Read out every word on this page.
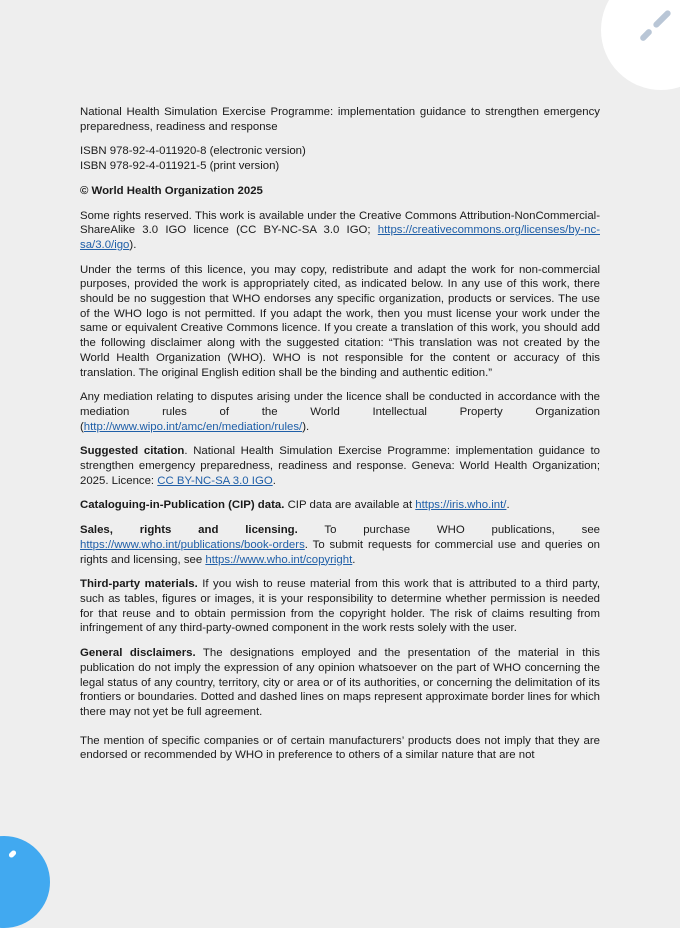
National Health Simulation Exercise Programme: implementation guidance to strengthen emergency preparedness, readiness and response

ISBN 978-92-4-011920-8 (electronic version)

ISBN 978-92-4-011921-5 (print version)

© World Health Organization 2025

Some rights reserved. This work is available under the Creative Commons Attribution-NonCommercial-ShareAlike 3.0 IGO licence (CC BY-NC-SA 3.0 IGO; https://creativecommons.org/licenses/by-nc-sa/3.0/igo).

Under the terms of this licence, you may copy, redistribute and adapt the work for non-commercial purposes, provided the work is appropriately cited, as indicated below. In any use of this work, there should be no suggestion that WHO endorses any specific organization, products or services. The use of the WHO logo is not permitted. If you adapt the work, then you must license your work under the same or equivalent Creative Commons licence. If you create a translation of this work, you should add the following disclaimer along with the suggested citation: “This translation was not created by the World Health Organization (WHO). WHO is not responsible for the content or accuracy of this translation. The original English edition shall be the binding and authentic edition.”

Any mediation relating to disputes arising under the licence shall be conducted in accordance with the mediation rules of the World Intellectual Property Organization (http://www.wipo.int/amc/en/mediation/rules/).

Suggested citation. National Health Simulation Exercise Programme: implementation guidance to strengthen emergency preparedness, readiness and response. Geneva: World Health Organization; 2025. Licence: CC BY-NC-SA 3.0 IGO.

Cataloguing-in-Publication (CIP) data. CIP data are available at https://iris.who.int/.

Sales, rights and licensing. To purchase WHO publications, see https://www.who.int/publications/book-orders. To submit requests for commercial use and queries on rights and licensing, see https://www.who.int/copyright.

Third-party materials. If you wish to reuse material from this work that is attributed to a third party, such as tables, figures or images, it is your responsibility to determine whether permission is needed for that reuse and to obtain permission from the copyright holder. The risk of claims resulting from infringement of any third-party-owned component in the work rests solely with the user.

General disclaimers. The designations employed and the presentation of the material in this publication do not imply the expression of any opinion whatsoever on the part of WHO concerning the legal status of any country, territory, city or area or of its authorities, or concerning the delimitation of its frontiers or boundaries. Dotted and dashed lines on maps represent approximate border lines for which there may not yet be full agreement.

The mention of specific companies or of certain manufacturers’ products does not imply that they are endorsed or recommended by WHO in preference to others of a similar nature that are not
